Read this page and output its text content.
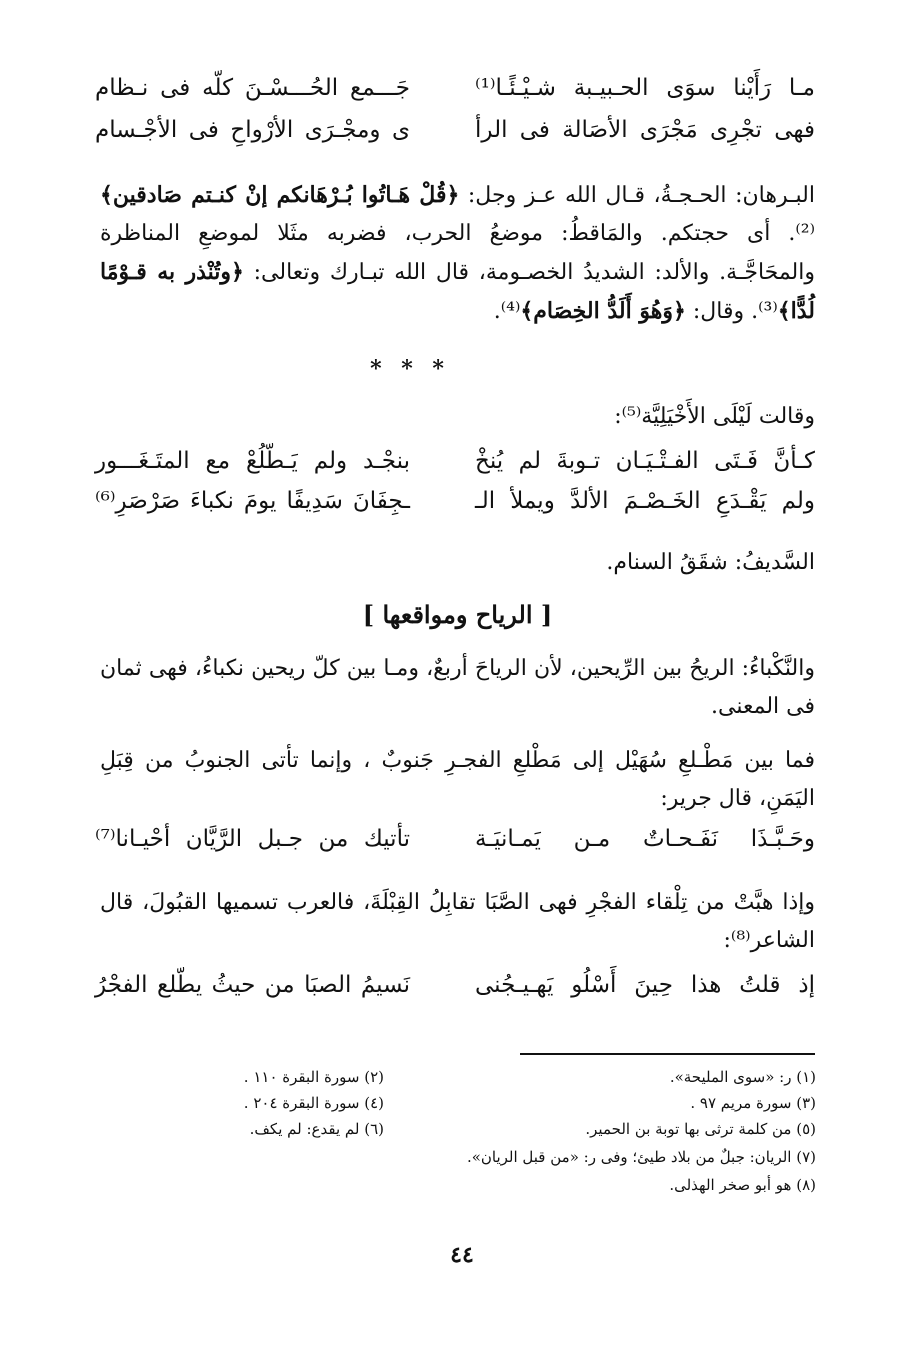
مـا رَأَيْنا سوَى الحـبيـبة شـيْـئًـا⁽¹⁾
جَـــمع الحُـــسْـنَ كلّه فى نـظام
فهى تجْرِى مَجْرَى الأصَالة فى الرأ
ى ومجْـرَى الأرْواحِ فى الأجْـسام

البـرهان: الحـجـةُ، قـال الله عـز وجل: ﴿قُلْ هَـاتُوا بُـرْهَانكم إنْ كنـتم صَادقين﴾⁽²⁾. أى حجتكم. والمَاقطُ: موضعُ الحرب، فضربه مثَلا لموضعِ المناظرة والمحَاجَّـة. والألد: الشديدُ الخصـومة، قال الله تبـارك وتعالى: ﴿وتُنْذر به قـوْمًا لُدًّا﴾⁽³⁾. وقال: ﴿وَهُوَ أَلَدُّ الخِصَام﴾⁽⁴⁾.

* * *
وقالت لَيْلَى الأَخْيَلِيَّة⁽⁵⁾:
كـأنَّ فَـتَى الفـتْـيَـان تـوبةَ لم يُنخْ
بنجْـد ولم يَـطّلُعْ مع المتَـغَـــور
ولم يَقْـدَعِ الخَـصْـمَ الألدَّ ويملأ الـ
ـجِفَانَ سَدِيفًا يومَ نكباءَ صَرْصَرِ⁽⁶⁾
السَّديفُ: شقَقُ السنام.
[ الرياح ومواقعها ]

والنَّكْباءُ: الريحُ بين الرِّيحين، لأن الرياحَ أربعٌ، ومـا بين كلّ ريحين نكباءُ، فهى ثمان فى المعنى.

فما بين مَطْـلعِ سُهَيْل إلى مَطْلعِ الفجـرِ جَنوبٌ ، وإنما تأتى الجنوبُ من قِبَلِ اليَمَنِ، قال جرير:

وحَـبَّـذَا نَفَـحـاتٌ مـن يَمـانيَـة
تأتيك من جـبل الرَّيَّان أحْيـانا⁽⁷⁾

وإذا هبَّتْ من تِلْقاء الفجْرِ فهى الصَّبَا تقابِلُ القِبْلَةَ، فالعرب تسميها القبُولَ، قال الشاعر⁽⁸⁾:

إذ قلتُ هذا حِينَ أَسْلُو يَهـيـجُنى
نَسيمُ الصبَا من حيثُ يطّلع الفجْرُ
(١) ر: «سوى المليحة».
(٣) سورة مريم ٩٧ .
(٥) من كلمة ترثى بها توبة بن الحمير.
(٧) الريان: جبلٌ من بلاد طيئ؛ وفى ر: «من قبل الريان».
(٨) هو أبو صخر الهذلى.
(٢) سورة البقرة ١١٠ .
(٤) سورة البقرة ٢٠٤ .
(٦) لم يقدع: لم يكف.
٤٤
